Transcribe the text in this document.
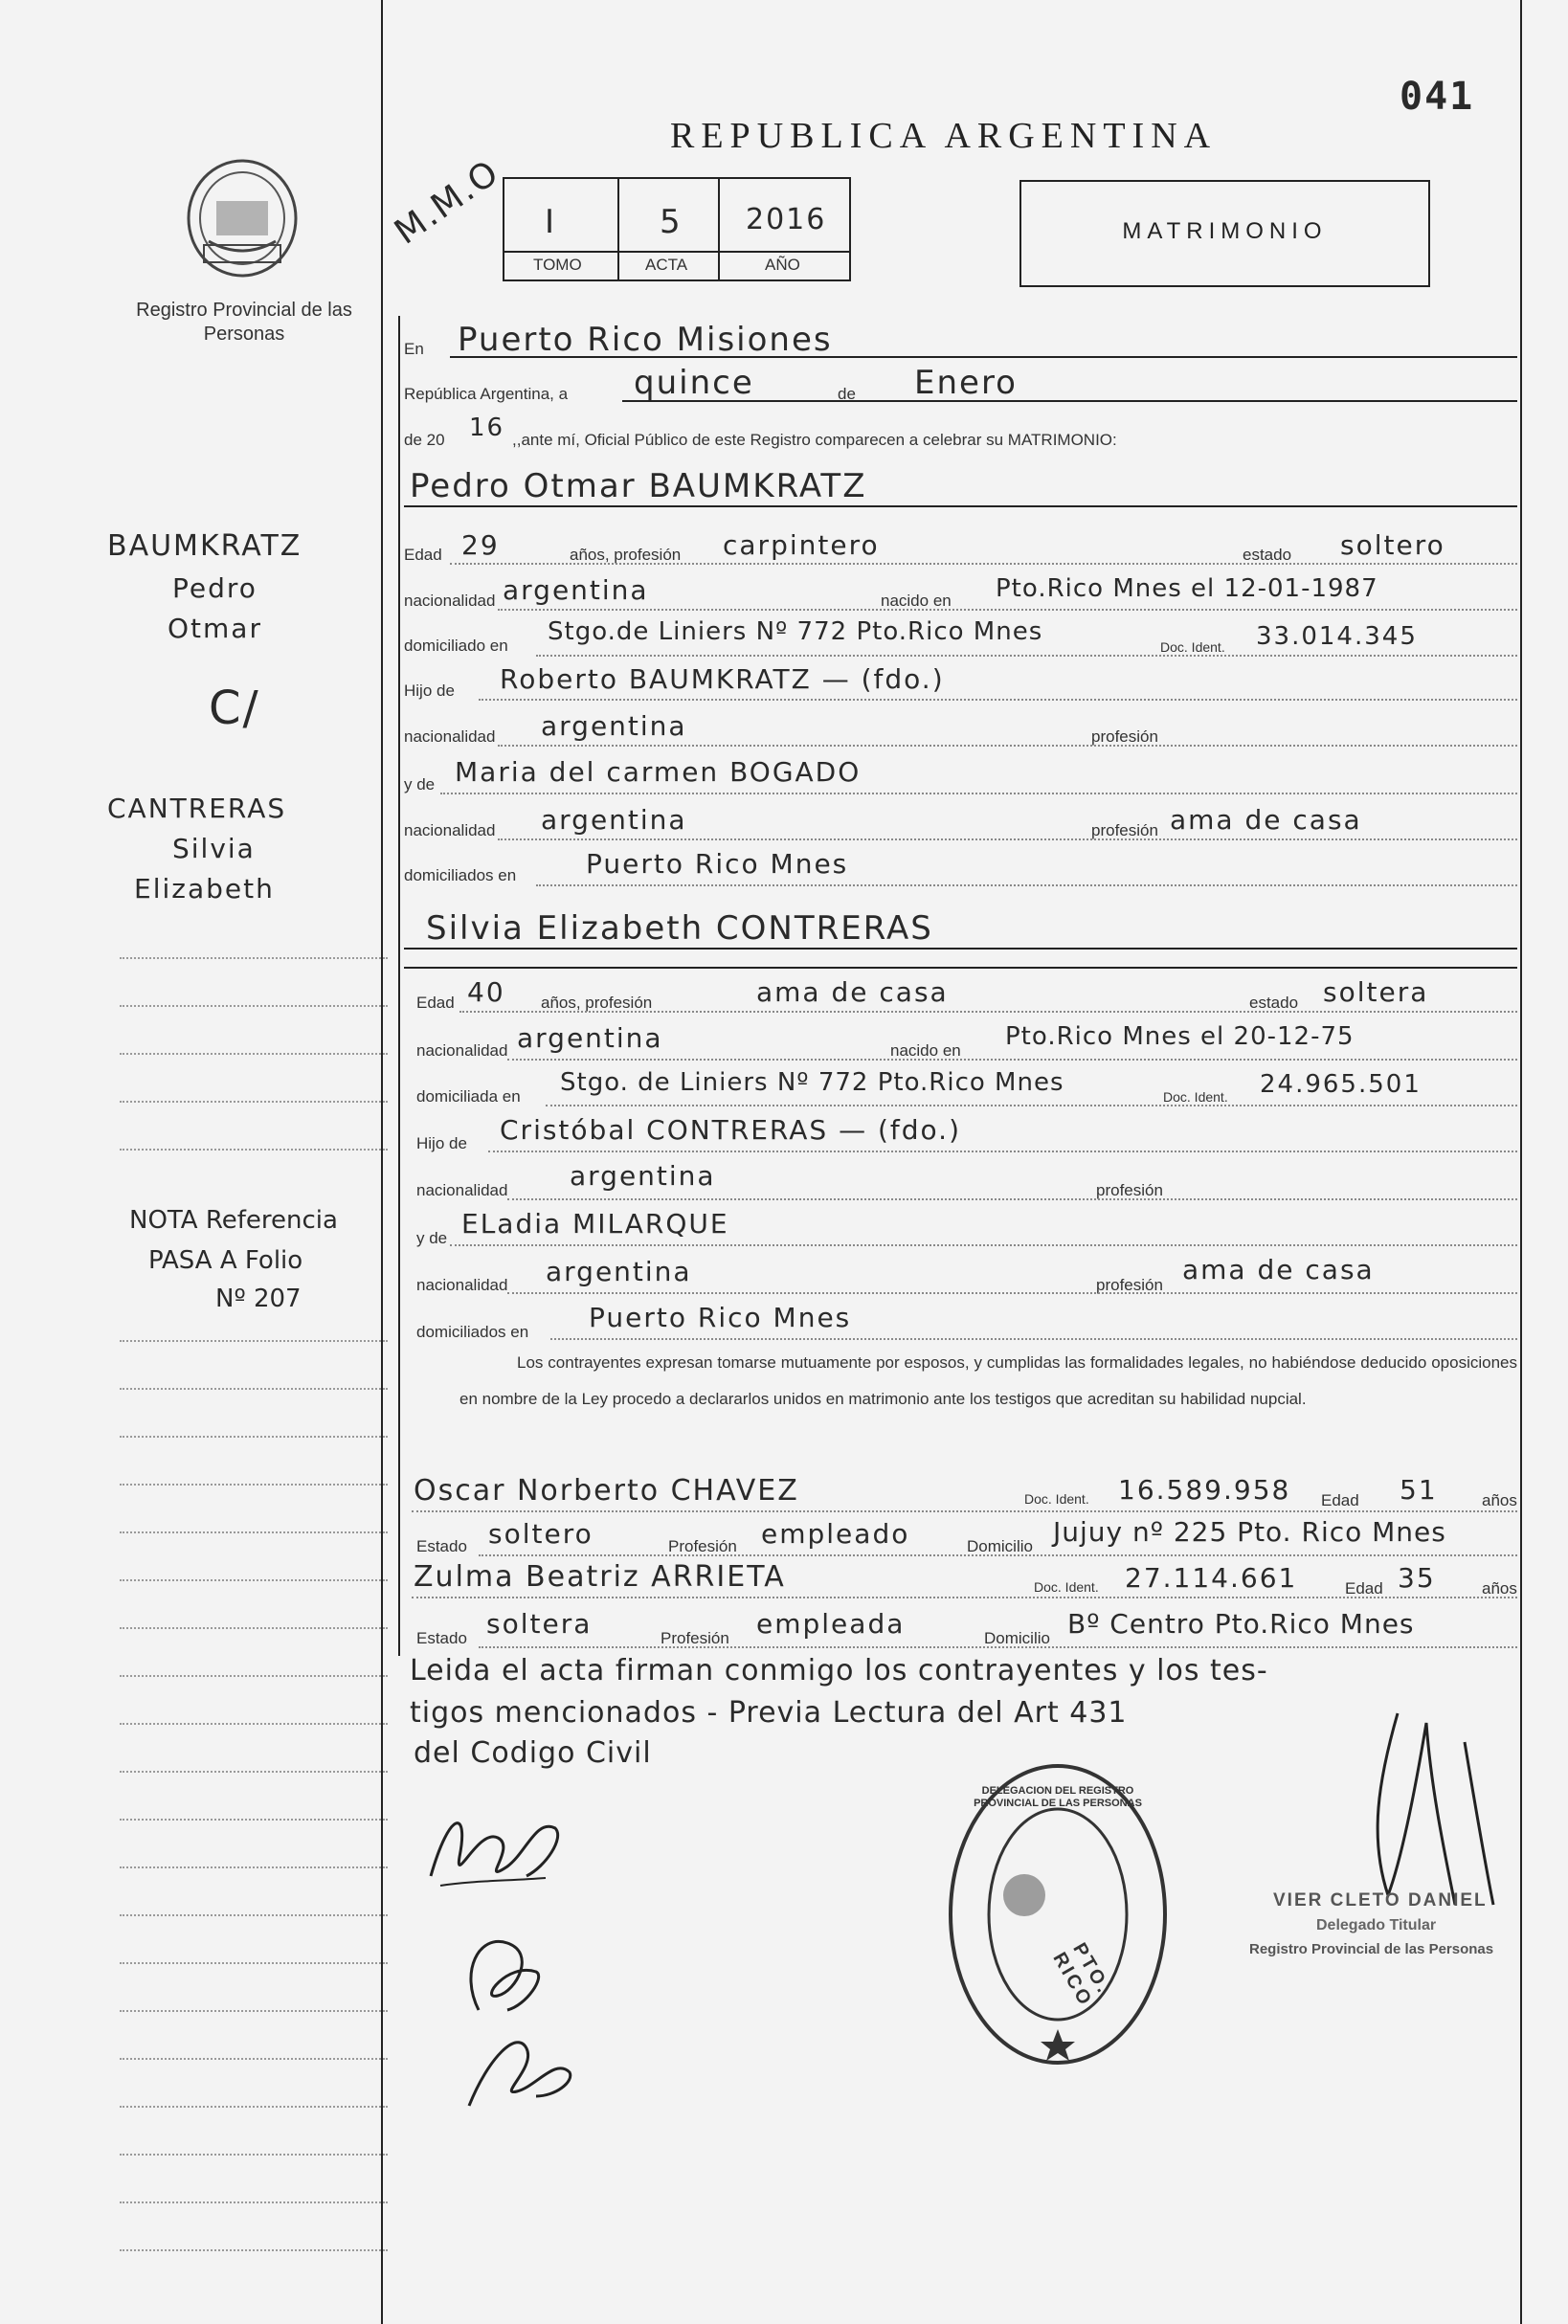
041
REPUBLICA ARGENTINA
Registro Provincial de las Personas
M.M.O I	5 2016
TOMO	ACTA	AÑO
MATRIMONIO
BAUMKRATZ
Pedro
Otmar
C/
CANTRERAS
Silvia
Elizabeth
NOTA Referencia
PASA A Folio
Nº 207
En Puerto Rico Misiones
República Argentina, a quince	de Enero
de 20 16 ,,ante mí, Oficial Público de este Registro comparecen a celebrar su MATRIMONIO:
Pedro Otmar BAUMKRATZ
Edad 29	años, profesión carpintero	estado soltero
nacionalidad argentina	nacido en Pto.Rico Mnes el 12-01-1987
domiciliado en Stgo.de Liniers Nº 772 Pto.Rico Mnes
Doc. Ident. 33.014.345
Hijo de Roberto BAUMKRATZ — (fdo.)
nacionalidad argentina	profesión
y de Maria del carmen BOGADO
nacionalidad argentina	profesión ama de casa
domiciliados en	Puerto Rico Mnes
Silvia Elizabeth CONTRERAS
Edad 40 años, profesión	ama de casa	estado soltera
nacionalidad argentina	nacido en Pto.Rico Mnes el 20-12-75
domiciliada en Stgo. de Liniers Nº 772 Pto.Rico Mnes	Doc. Ident. 24.965.501
Hijo de Cristóbal CONTRERAS — (fdo.)
nacionalidad argentina	profesión
y de ELadia MILARQUE
nacionalidad argentina	profesión ama de casa
domiciliados en Puerto Rico Mnes
Los contrayentes expresan tomarse mutuamente por esposos, y cumplidas las formalidades legales, no habiéndose deducido oposiciones en nombre de la Ley procedo a declararlos unidos en matrimonio ante los testigos que acreditan su habilidad nupcial.
Oscar Norberto CHAVEZ	Doc. Ident. 16.589.958 Edad 51	años
Estado soltero	Profesión empleado	Domicilio Jujuy nº 225 Pto. Rico Mnes
Zulma Beatriz ARRIETA	Doc. Ident. 27.114.661	Edad 35	años
Estado soltera	Profesión empleada	Domicilio Bº Centro Pto.Rico Mnes
Leida el acta firman conmigo los contrayentes y los tes-
tigos mencionados - Previa Lectura del Art 431
del Codigo Civil
DELEGACION DEL REGISTRO PROVINCIAL DE LAS PERSONAS
PTO. RICO
VIER CLETO DANIEL
Delegado Titular
Registro Provincial de las Personas
